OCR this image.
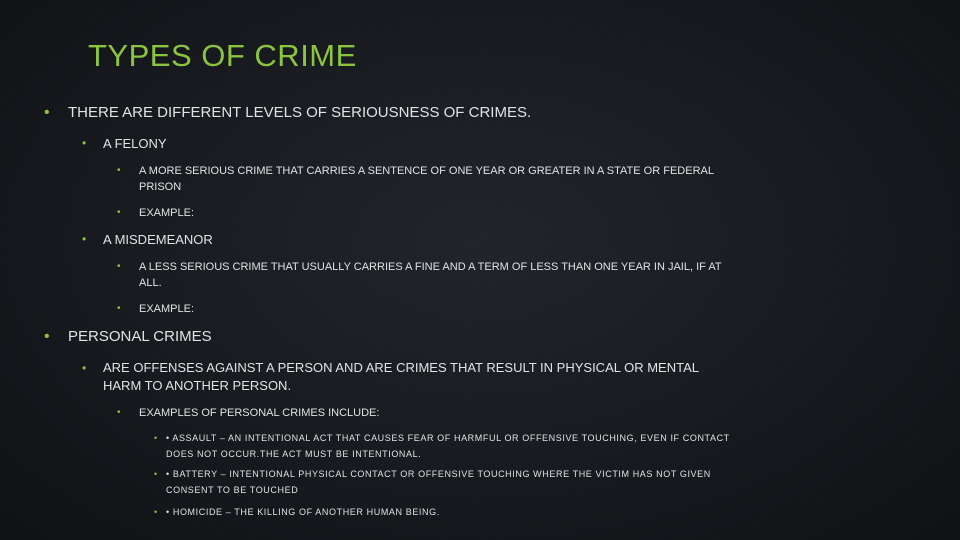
TYPES OF CRIME
• THERE ARE DIFFERENT LEVELS OF SERIOUSNESS OF CRIMES.
• A FELONY
• A MORE SERIOUS CRIME THAT CARRIES A SENTENCE OF ONE YEAR OR GREATER IN A STATE OR FEDERAL PRISON
• EXAMPLE:
• A MISDEMEANOR
• A LESS SERIOUS CRIME THAT USUALLY CARRIES A FINE AND A TERM OF LESS THAN ONE YEAR IN JAIL, IF AT ALL.
• EXAMPLE:
• PERSONAL CRIMES
• ARE OFFENSES AGAINST A PERSON AND ARE CRIMES THAT RESULT IN PHYSICAL OR MENTAL HARM TO ANOTHER PERSON.
• EXAMPLES OF PERSONAL CRIMES INCLUDE:
• • ASSAULT – AN INTENTIONAL ACT THAT CAUSES FEAR OF HARMFUL OR OFFENSIVE TOUCHING, EVEN IF CONTACT DOES NOT OCCUR.THE ACT MUST BE INTENTIONAL.
• • BATTERY – INTENTIONAL PHYSICAL CONTACT OR OFFENSIVE TOUCHING WHERE THE VICTIM HAS NOT GIVEN CONSENT TO BE TOUCHED
• • HOMICIDE – THE KILLING OF ANOTHER HUMAN BEING.
